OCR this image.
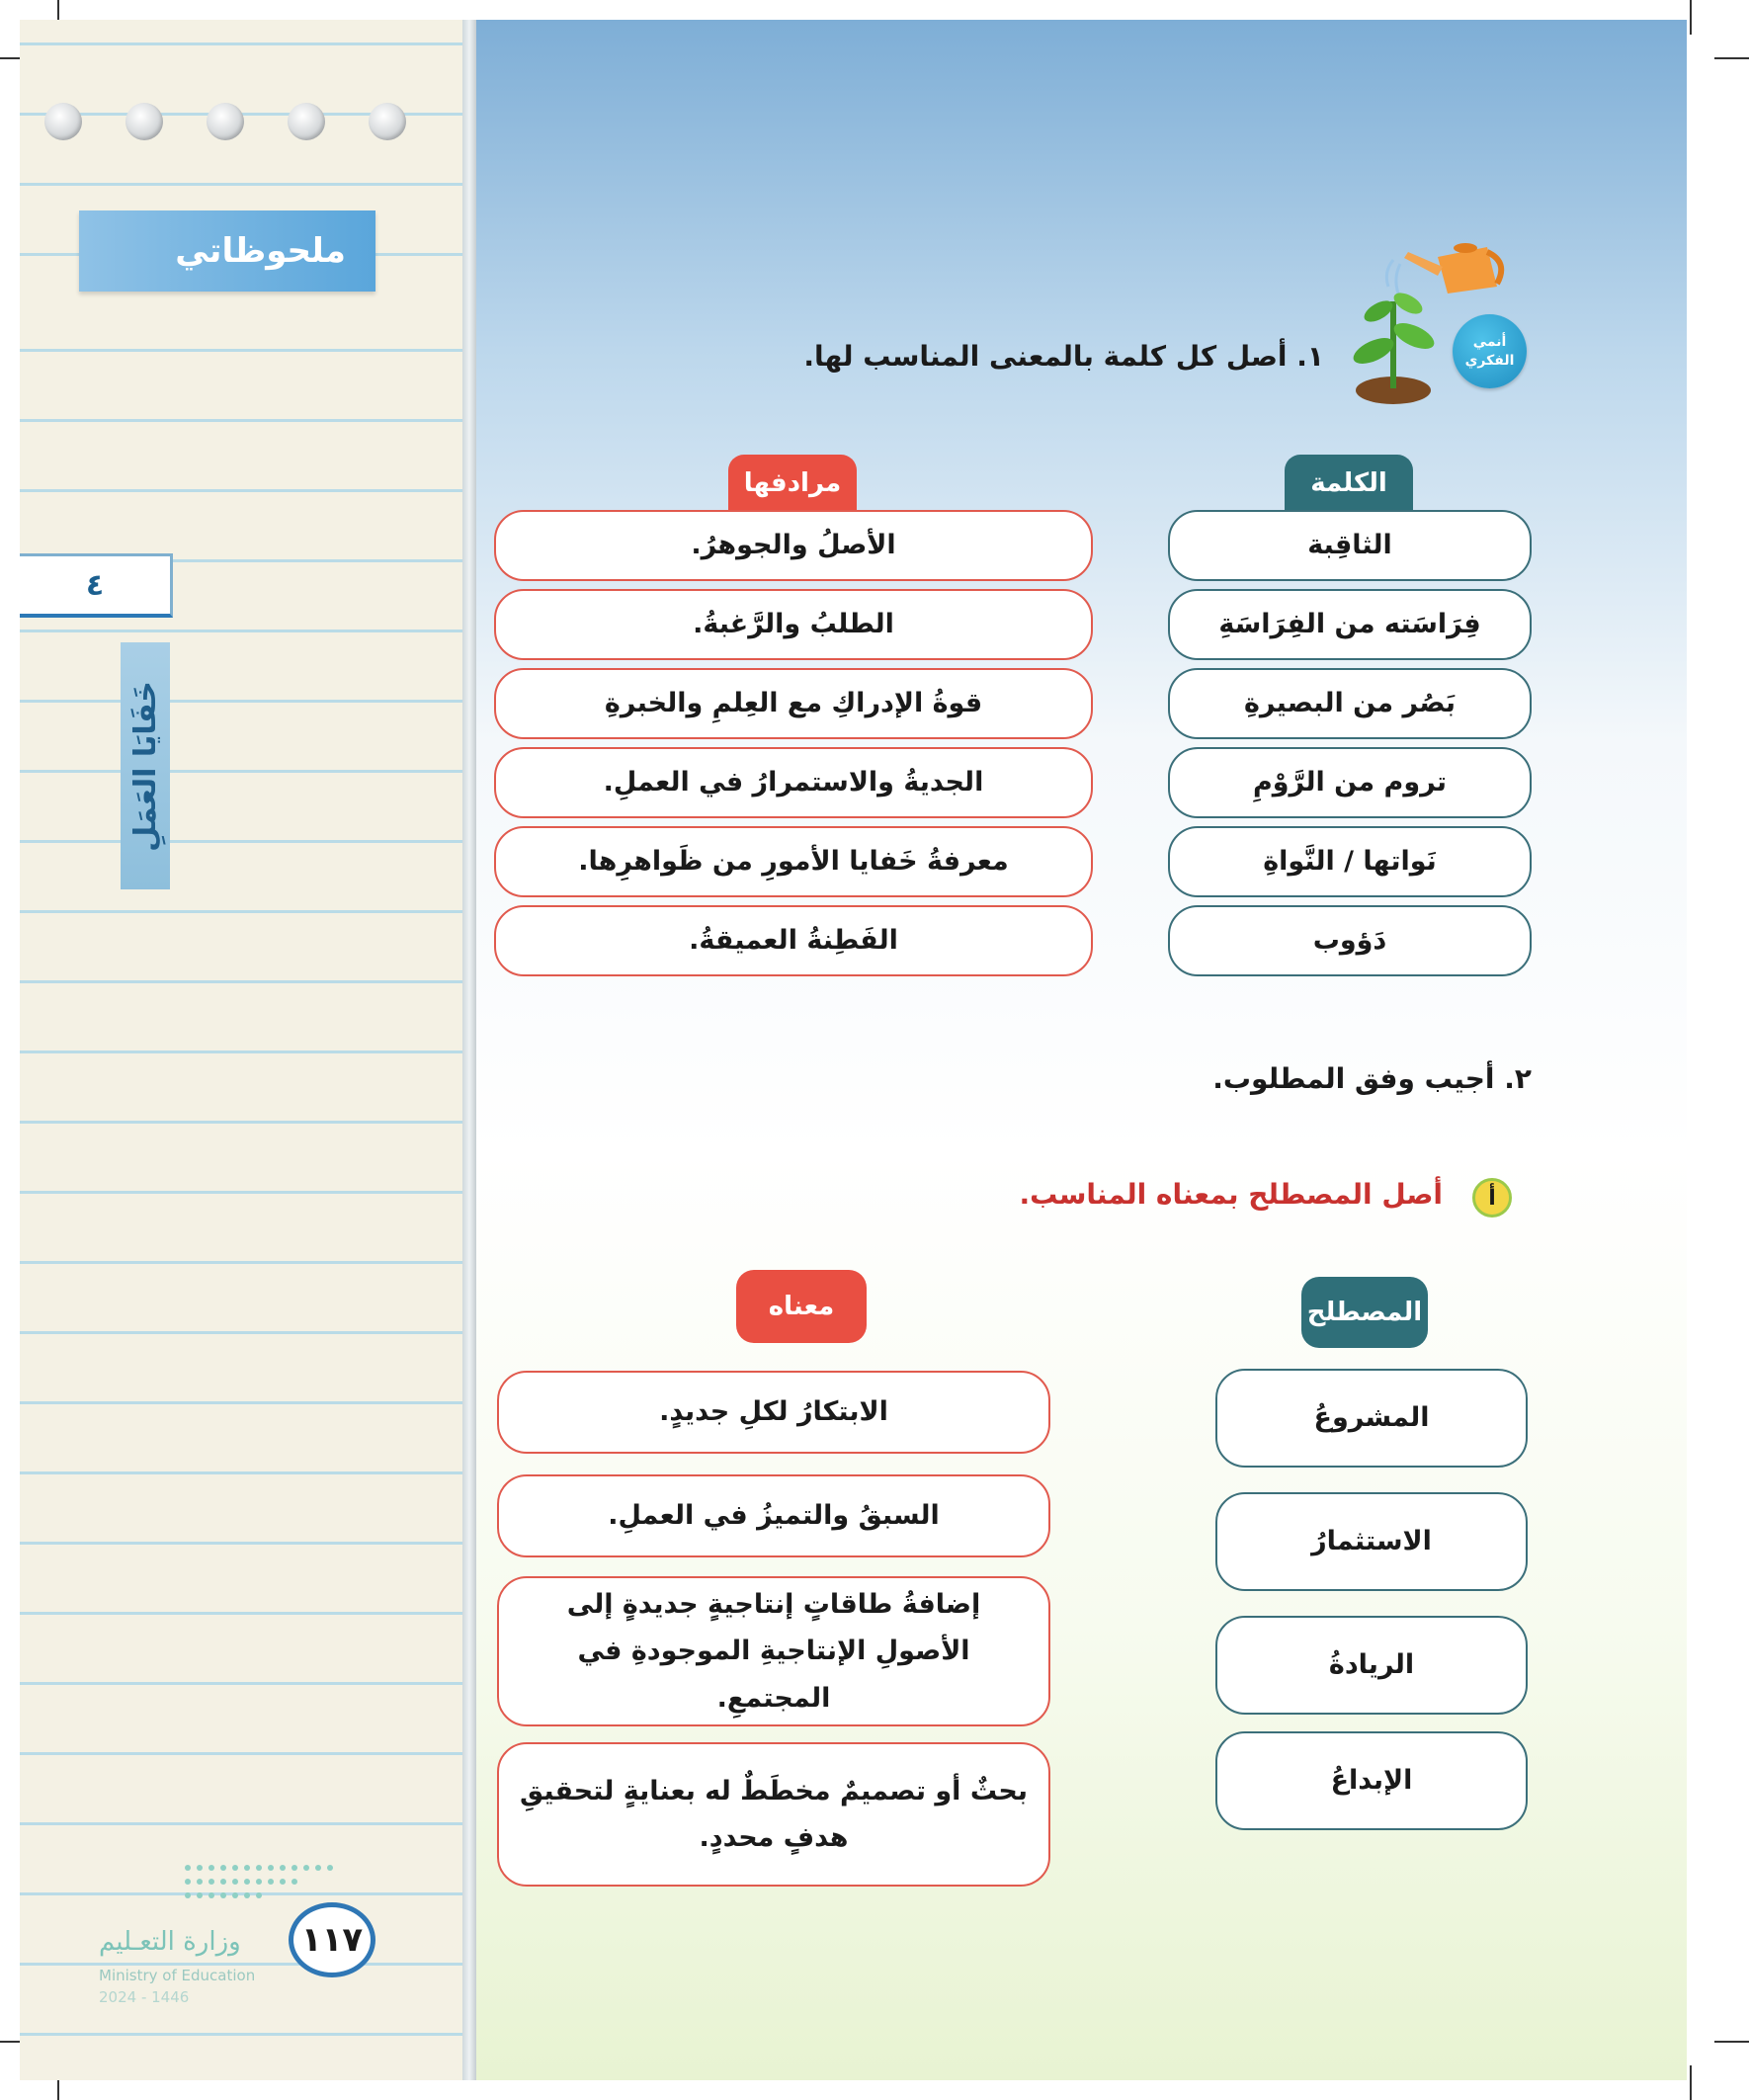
ملحوظاتي
٤
خَفَايَا العَمَلِ
أنمي الفكري
١. أصل كل كلمة بالمعنى المناسب لها.
الكلمة
مرادفها
الثاقِبة
فِرَاسَته من الفِرَاسَةِ
بَصُر من البصيرةِ
تروم من الرَّوْمِ
نَواتها / النَّواةِ
دَؤوب
الأصلُ والجوهرُ.
الطلبُ والرَّغبةُ.
قوةُ الإدراكِ مع العِلمِ والخبرةِ
الجديةُ والاستمرارُ في العملِ.
معرفةُ خَفايا الأمورِ من ظَواهرِها.
الفَطِنةُ العميقةُ.
٢. أجيب وفق المطلوب.
أ
أصل المصطلح بمعناه المناسب.
المصطلح
معناه
المشروعُ
الاستثمارُ
الريادةُ
الإبداعُ
الابتكارُ لكلِ جديدٍ.
السبقُ والتميزُ في العملِ.
إضافةُ طاقاتٍ إنتاجيةٍ جديدةٍ إلى الأصولِ الإنتاجيةِ الموجودةِ في المجتمعِ.
بحثٌ أو تصميمٌ مخطَطٌ له بعنايةٍ لتحقيقِ هدفٍ محددٍ.
١١٧
وزارة التعـليم
Ministry of Education
2024 - 1446
